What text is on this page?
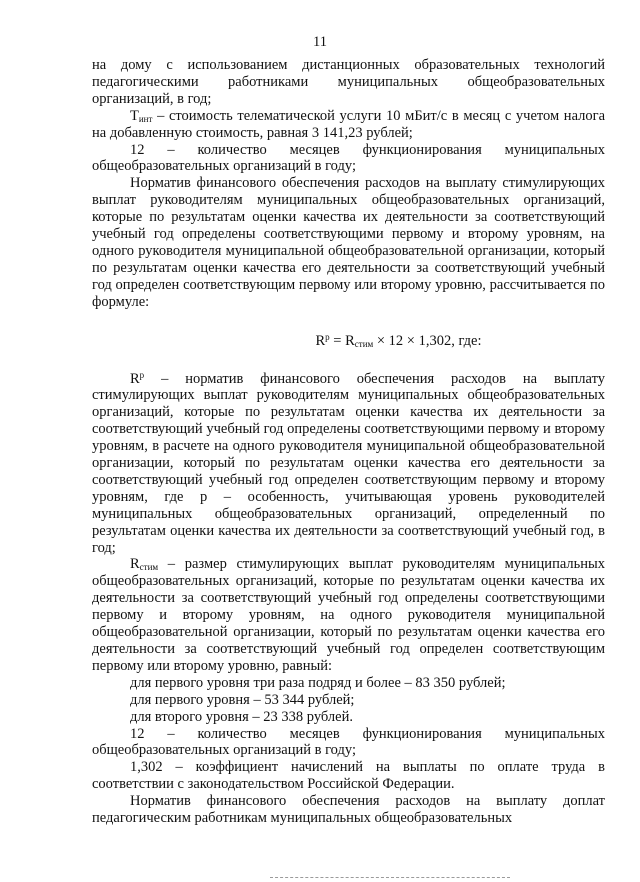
11

на дому с использованием дистанционных образовательных технологий педагогическими работниками муниципальных общеобразовательных организаций, в год;

$Т_{инт}$ – стоимость телематической услуги 10 мБит/с в месяц с учетом налога на добавленную стоимость, равная 3 141,23 рублей;

12 – количество месяцев функционирования муниципальных общеобразовательных организаций в году;

Норматив финансового обеспечения расходов на выплату стимулирующих выплат руководителям муниципальных общеобразовательных организаций, которые по результатам оценки качества их деятельности за соответствующий учебный год определены соответствующими первому и второму уровням, на одного руководителя муниципальной общеобразовательной организации, который по результатам оценки качества его деятельности за соответствующий учебный год определен соответствующим первому или второму уровню, рассчитывается по формуле:

$R^p = R_{стим} \times 12 \times 1,302$, где:

$R^p$ – норматив финансового обеспечения расходов на выплату стимулирующих выплат руководителям муниципальных общеобразовательных организаций, которые по результатам оценки качества их деятельности за соответствующий учебный год определены соответствующими первому и второму уровням, в расчете на одного руководителя муниципальной общеобразовательной организации, который по результатам оценки качества его деятельности за соответствующий учебный год определен соответствующим первому и второму уровням, где р – особенность, учитывающая уровень руководителей муниципальных общеобразовательных организаций, определенный по результатам оценки качества их деятельности за соответствующий учебный год, в год;

$R_{стим}$ – размер стимулирующих выплат руководителям муниципальных общеобразовательных организаций, которые по результатам оценки качества их деятельности за соответствующий учебный год определены соответствующими первому и второму уровням, на одного руководителя муниципальной общеобразовательной организации, который по результатам оценки качества его деятельности за соответствующий учебный год определен соответствующим первому или второму уровню, равный:

для первого уровня три раза подряд и более – 83 350 рублей;

для первого уровня – 53 344 рублей;

для второго уровня – 23 338 рублей.

12 – количество месяцев функционирования муниципальных общеобразовательных организаций в году;

1,302 – коэффициент начислений на выплаты по оплате труда в соответствии с законодательством Российской Федерации.

Норматив финансового обеспечения расходов на выплату доплат педагогическим работникам муниципальных общеобразовательных
